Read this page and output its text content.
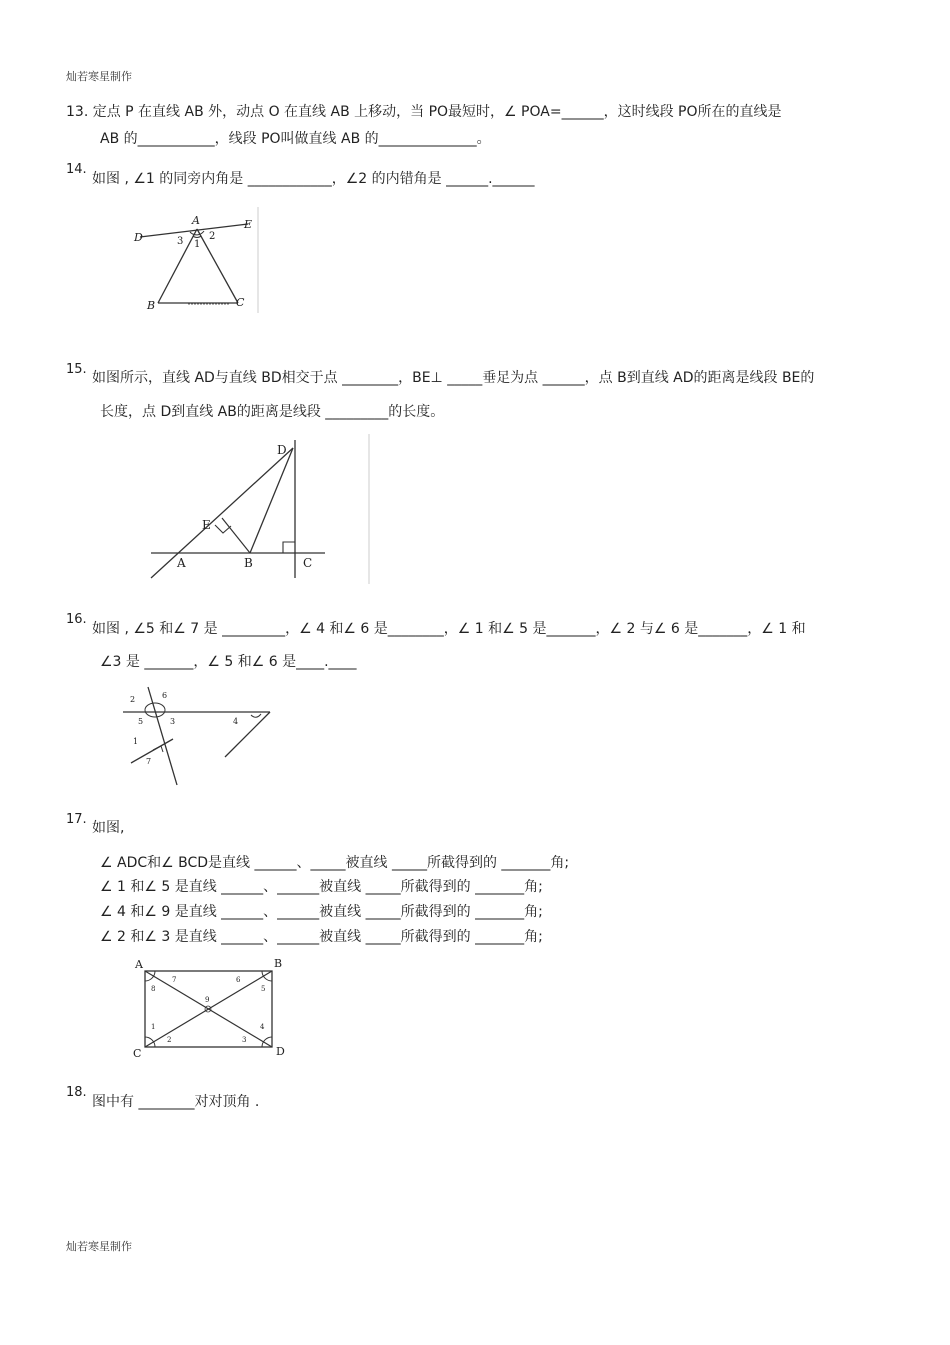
灿若寒星制作
13. 定点 P 在直线 AB 外，动点 O 在直线 AB 上移动，当 PO最短时，∠ POA=______，这时线段 PO所在的直线是
AB 的___________，线段 PO叫做直线 AB 的______________。
14.
如图 , ∠1 的同旁内角是 ____________，∠2 的内错角是 ______.______
A
D
E
B	C
1
2
3
15.
如图所示，直线 AD与直线 BD相交于点 ________，BE⊥ _____垂足为点 ______，点 B到直线 AD的距离是线段 BE的
长度，点 D到直线 AB的距离是线段 _________的长度。
D
E
A	B	C
16.
如图 , ∠5 和∠ 7 是 _________，∠ 4 和∠ 6 是________，∠ 1 和∠ 5 是_______，∠ 2 与∠ 6 是_______，∠ 1 和
∠3 是 _______，∠ 5 和∠ 6 是____.____
2	6
5	3	4
1
7
17.
如图,
∠ ADC和∠ BCD是直线 ______、_____被直线 _____所截得到的 _______角;
∠ 1 和∠ 5 是直线 ______、______被直线 _____所截得到的 _______角;
∠ 4 和∠ 9 是直线 ______、______被直线 _____所截得到的 _______角;
∠ 2 和∠ 3 是直线 ______、______被直线 _____所截得到的 _______角;
A	B
C	D
7	6
8	5
9
1
2	3
4
18.
图中有 ________对对顶角 .
灿若寒星制作
